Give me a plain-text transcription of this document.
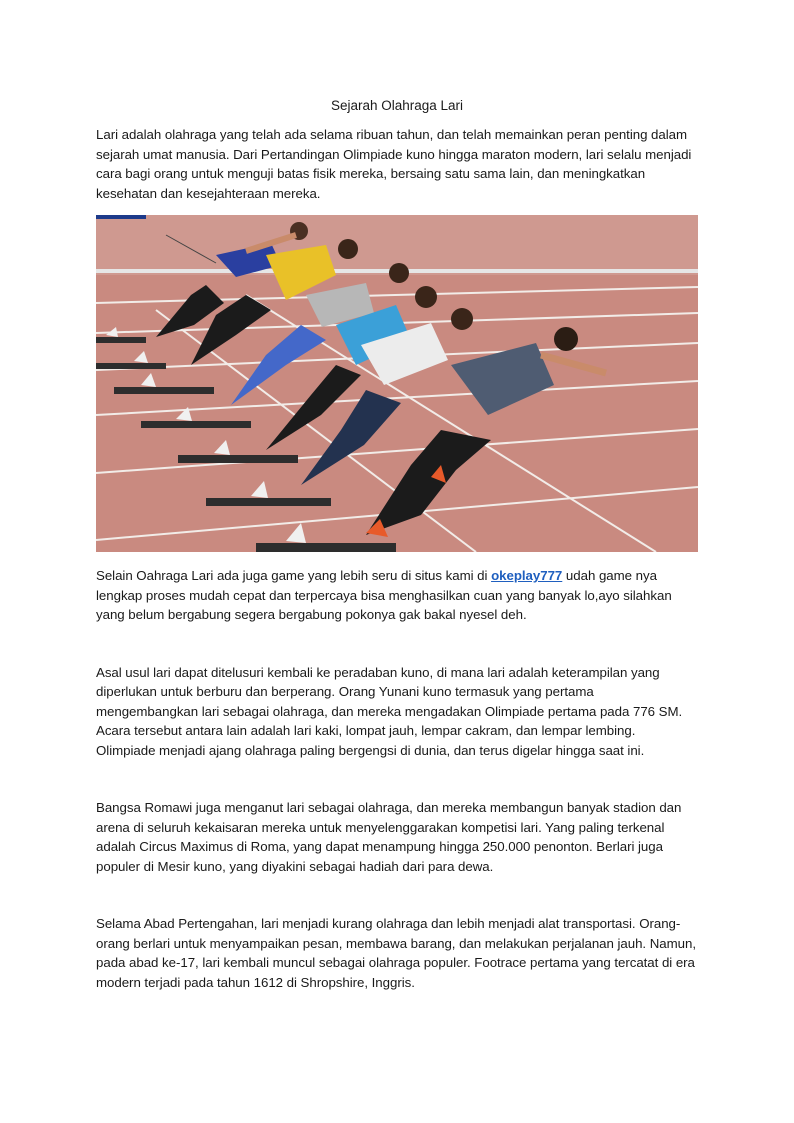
Sejarah Olahraga Lari

Lari adalah olahraga yang telah ada selama ribuan tahun, dan telah memainkan peran penting dalam sejarah umat manusia. Dari Pertandingan Olimpiade kuno hingga maraton modern, lari selalu menjadi cara bagi orang untuk menguji batas fisik mereka, bersaing satu sama lain, dan meningkatkan kesehatan dan kesejahteraan mereka.

Selain Oahraga Lari ada juga game yang lebih seru di situs kami di okeplay777 udah game nya lengkap proses mudah cepat dan terpercaya bisa menghasilkan cuan yang banyak lo,ayo silahkan yang belum bergabung segera bergabung pokonya gak bakal nyesel deh.

Asal usul lari dapat ditelusuri kembali ke peradaban kuno, di mana lari adalah keterampilan yang diperlukan untuk berburu dan berperang. Orang Yunani kuno termasuk yang pertama mengembangkan lari sebagai olahraga, dan mereka mengadakan Olimpiade pertama pada 776 SM. Acara tersebut antara lain adalah lari kaki, lompat jauh, lempar cakram, dan lempar lembing. Olimpiade menjadi ajang olahraga paling bergengsi di dunia, dan terus digelar hingga saat ini.

Bangsa Romawi juga menganut lari sebagai olahraga, dan mereka membangun banyak stadion dan arena di seluruh kekaisaran mereka untuk menyelenggarakan kompetisi lari. Yang paling terkenal adalah Circus Maximus di Roma, yang dapat menampung hingga 250.000 penonton. Berlari juga populer di Mesir kuno, yang diyakini sebagai hadiah dari para dewa.

Selama Abad Pertengahan, lari menjadi kurang olahraga dan lebih menjadi alat transportasi. Orang-orang berlari untuk menyampaikan pesan, membawa barang, dan melakukan perjalanan jauh. Namun, pada abad ke-17, lari kembali muncul sebagai olahraga populer. Footrace pertama yang tercatat di era modern terjadi pada tahun 1612 di Shropshire, Inggris.
